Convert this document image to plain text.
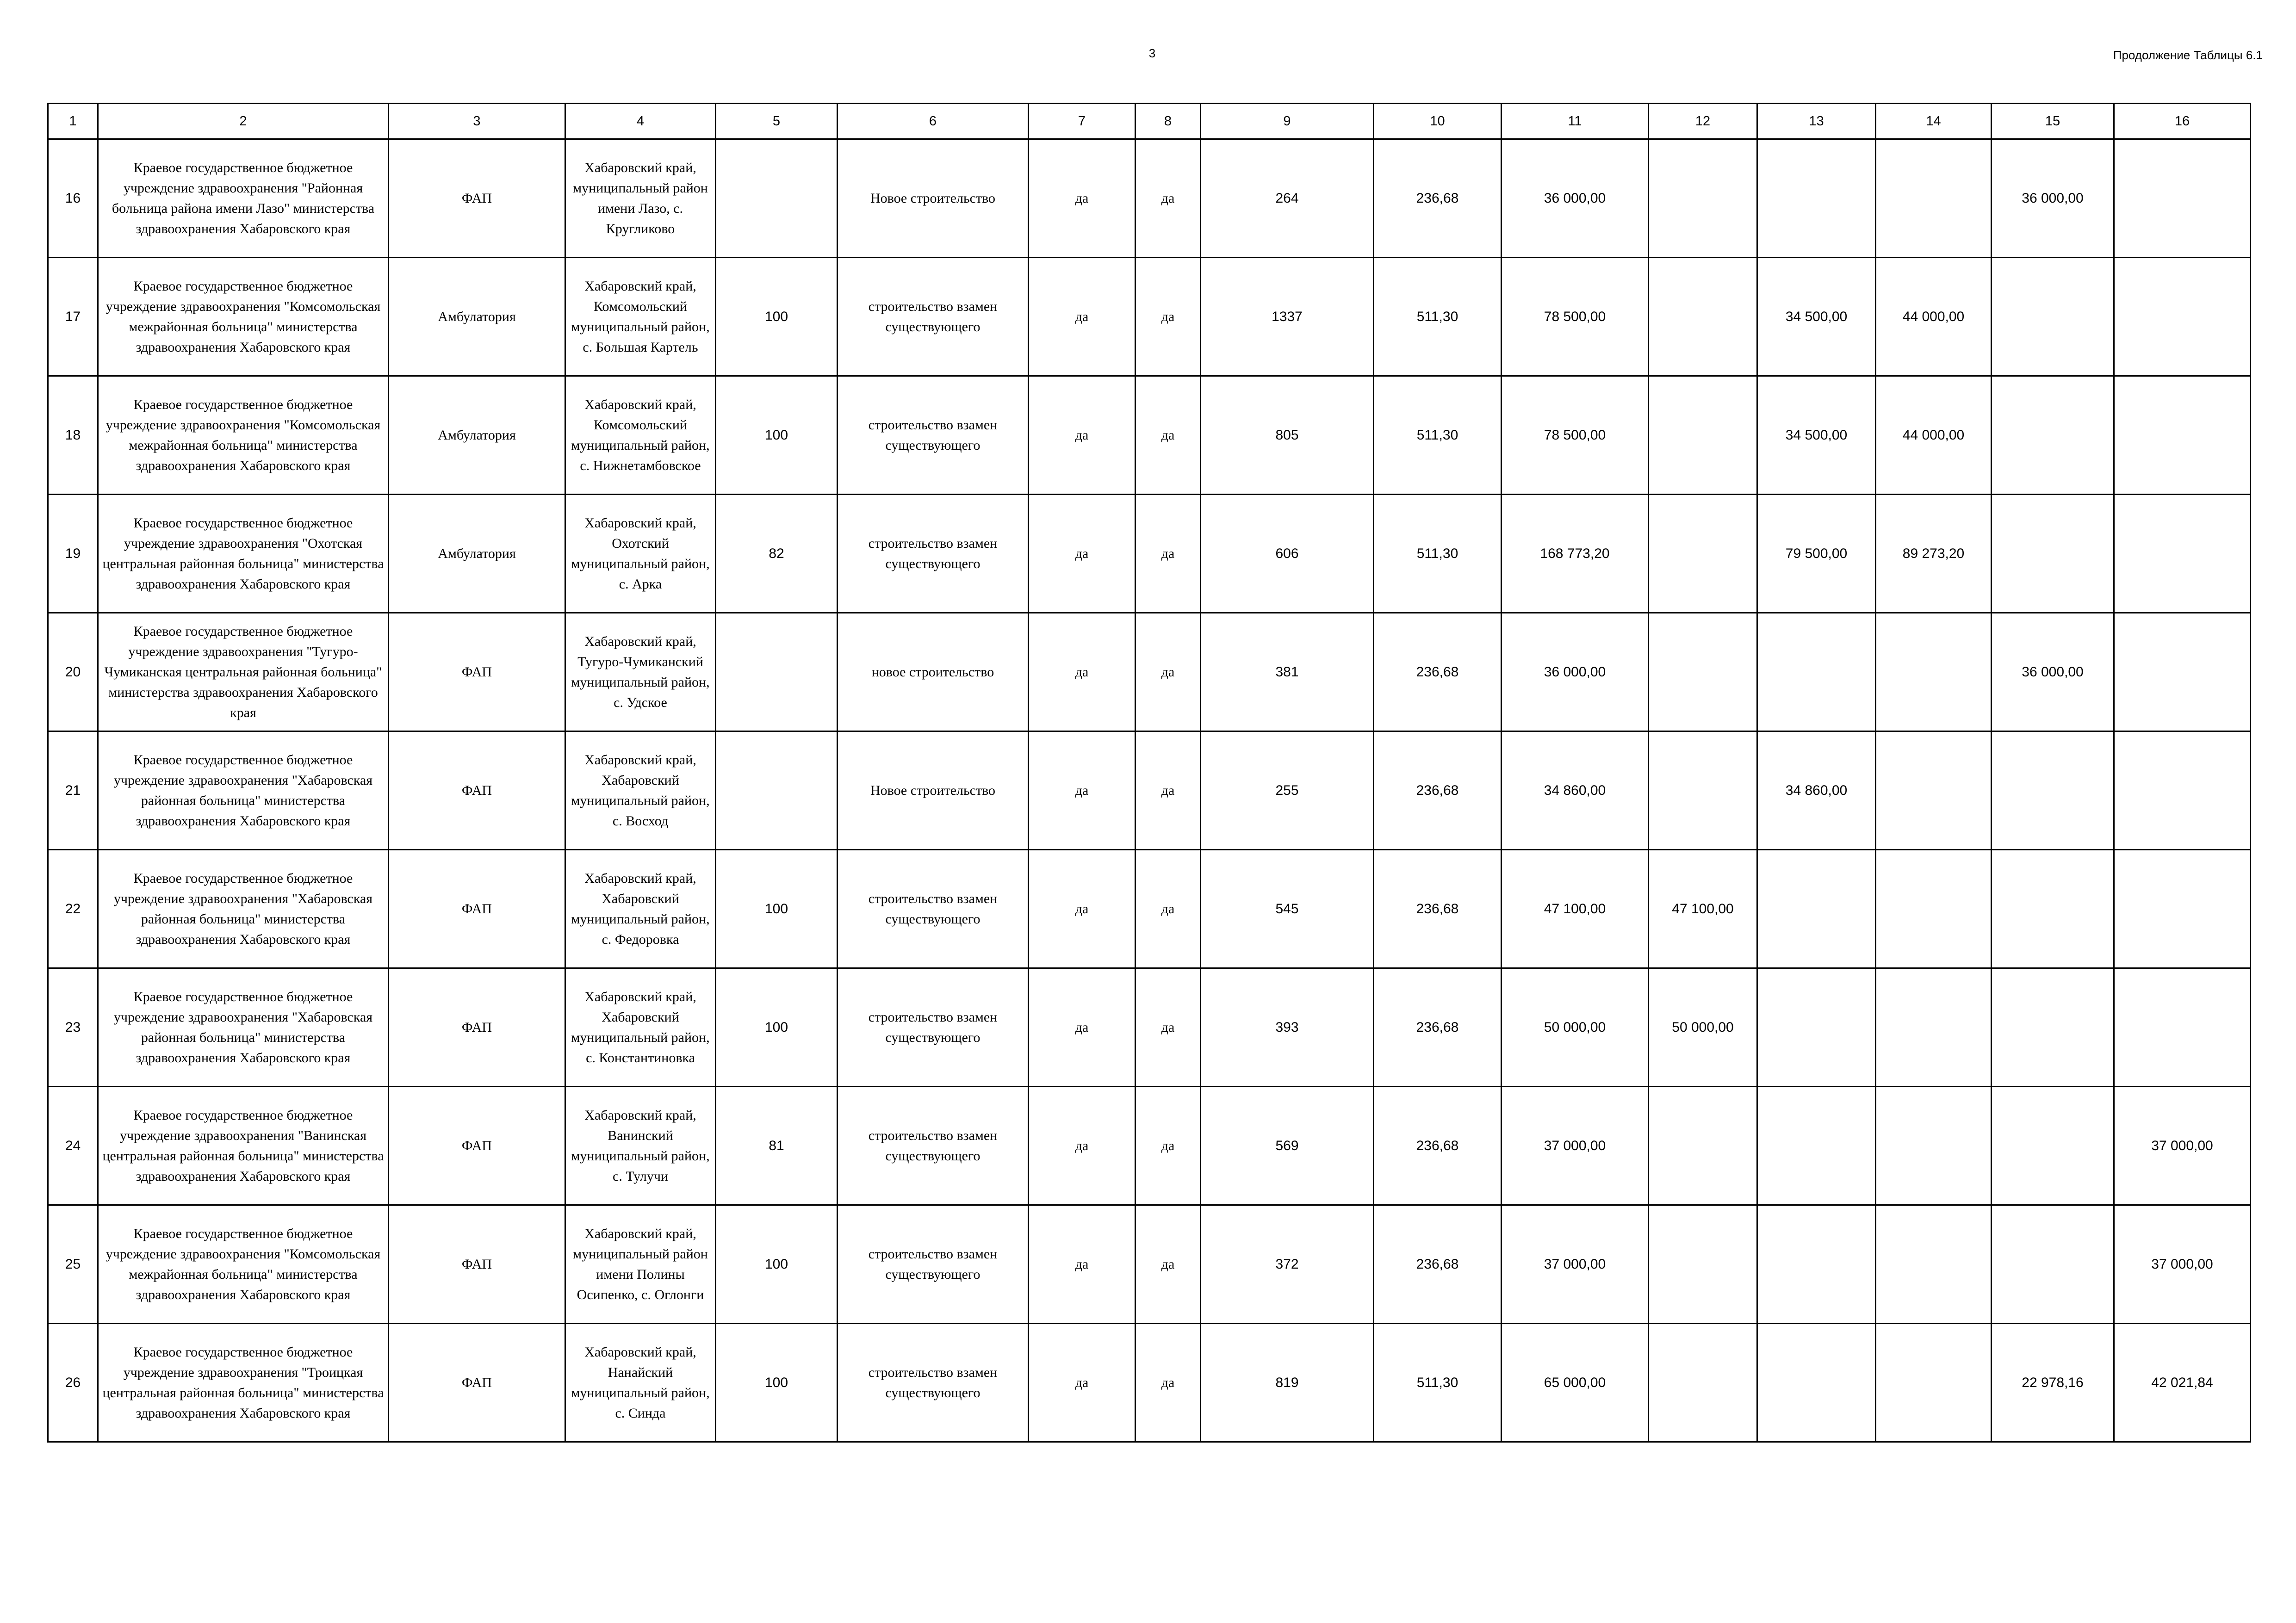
3	Продолжение Таблицы 6.1
1	2	3	4	5	6	7	8	9	10	11	12	13	14	15	16
16	Краевое государственное бюджетное учреждение здравоохранения "Районная больница района имени Лазо" министерства здравоохранения Хабаровского края	ФАП	Хабаровский край, муниципальный район имени Лазо, с. Кругликово		Новое строительство	да	да	264	236,68	36 000,00				36 000,00	
17	Краевое государственное бюджетное учреждение здравоохранения "Комсомольская межрайонная больница" министерства здравоохранения Хабаровского края	Амбулатория	Хабаровский край, Комсомольский муниципальный район, с. Большая Картель	100	строительство взамен существующего	да	да	1337	511,30	78 500,00		34 500,00	44 000,00		
18	Краевое государственное бюджетное учреждение здравоохранения "Комсомольская межрайонная больница" министерства здравоохранения Хабаровского края	Амбулатория	Хабаровский край, Комсомольский муниципальный район, с. Нижнетамбовское	100	строительство взамен существующего	да	да	805	511,30	78 500,00		34 500,00	44 000,00		
19	Краевое государственное бюджетное учреждение здравоохранения "Охотская центральная районная больница" министерства здравоохранения Хабаровского края	Амбулатория	Хабаровский край, Охотский муниципальный район, с. Арка	82	строительство взамен существующего	да	да	606	511,30	168 773,20		79 500,00	89 273,20		
20	Краевое государственное бюджетное учреждение здравоохранения "Тугуро-Чумиканская центральная районная больница" министерства здравоохранения Хабаровского края	ФАП	Хабаровский край, Тугуро-Чумиканский муниципальный район, с. Удское		новое строительство	да	да	381	236,68	36 000,00				36 000,00	
21	Краевое государственное бюджетное учреждение здравоохранения "Хабаровская районная больница" министерства здравоохранения Хабаровского края	ФАП	Хабаровский край, Хабаровский муниципальный район, с. Восход		Новое строительство	да	да	255	236,68	34 860,00		34 860,00			
22	Краевое государственное бюджетное учреждение здравоохранения "Хабаровская районная больница" министерства здравоохранения Хабаровского края	ФАП	Хабаровский край, Хабаровский муниципальный район, с. Федоровка	100	строительство взамен существующего	да	да	545	236,68	47 100,00	47 100,00				
23	Краевое государственное бюджетное учреждение здравоохранения "Хабаровская районная больница" министерства здравоохранения Хабаровского края	ФАП	Хабаровский край, Хабаровский муниципальный район, с. Константиновка	100	строительство взамен существующего	да	да	393	236,68	50 000,00	50 000,00				
24	Краевое государственное бюджетное учреждение здравоохранения "Ванинская центральная районная больница" министерства здравоохранения Хабаровского края	ФАП	Хабаровский край, Ванинский муниципальный район, с. Тулучи	81	строительство взамен существующего	да	да	569	236,68	37 000,00					37 000,00
25	Краевое государственное бюджетное учреждение здравоохранения "Комсомольская межрайонная больница" министерства здравоохранения Хабаровского края	ФАП	Хабаровский край, муниципальный район имени Полины Осипенко, с. Оглонги	100	строительство взамен существующего	да	да	372	236,68	37 000,00					37 000,00
26	Краевое государственное бюджетное учреждение здравоохранения "Троицкая центральная районная больница" министерства здравоохранения Хабаровского края	ФАП	Хабаровский край, Нанайский муниципальный район, с. Синда	100	строительство взамен существующего	да	да	819	511,30	65 000,00				22 978,16	42 021,84
